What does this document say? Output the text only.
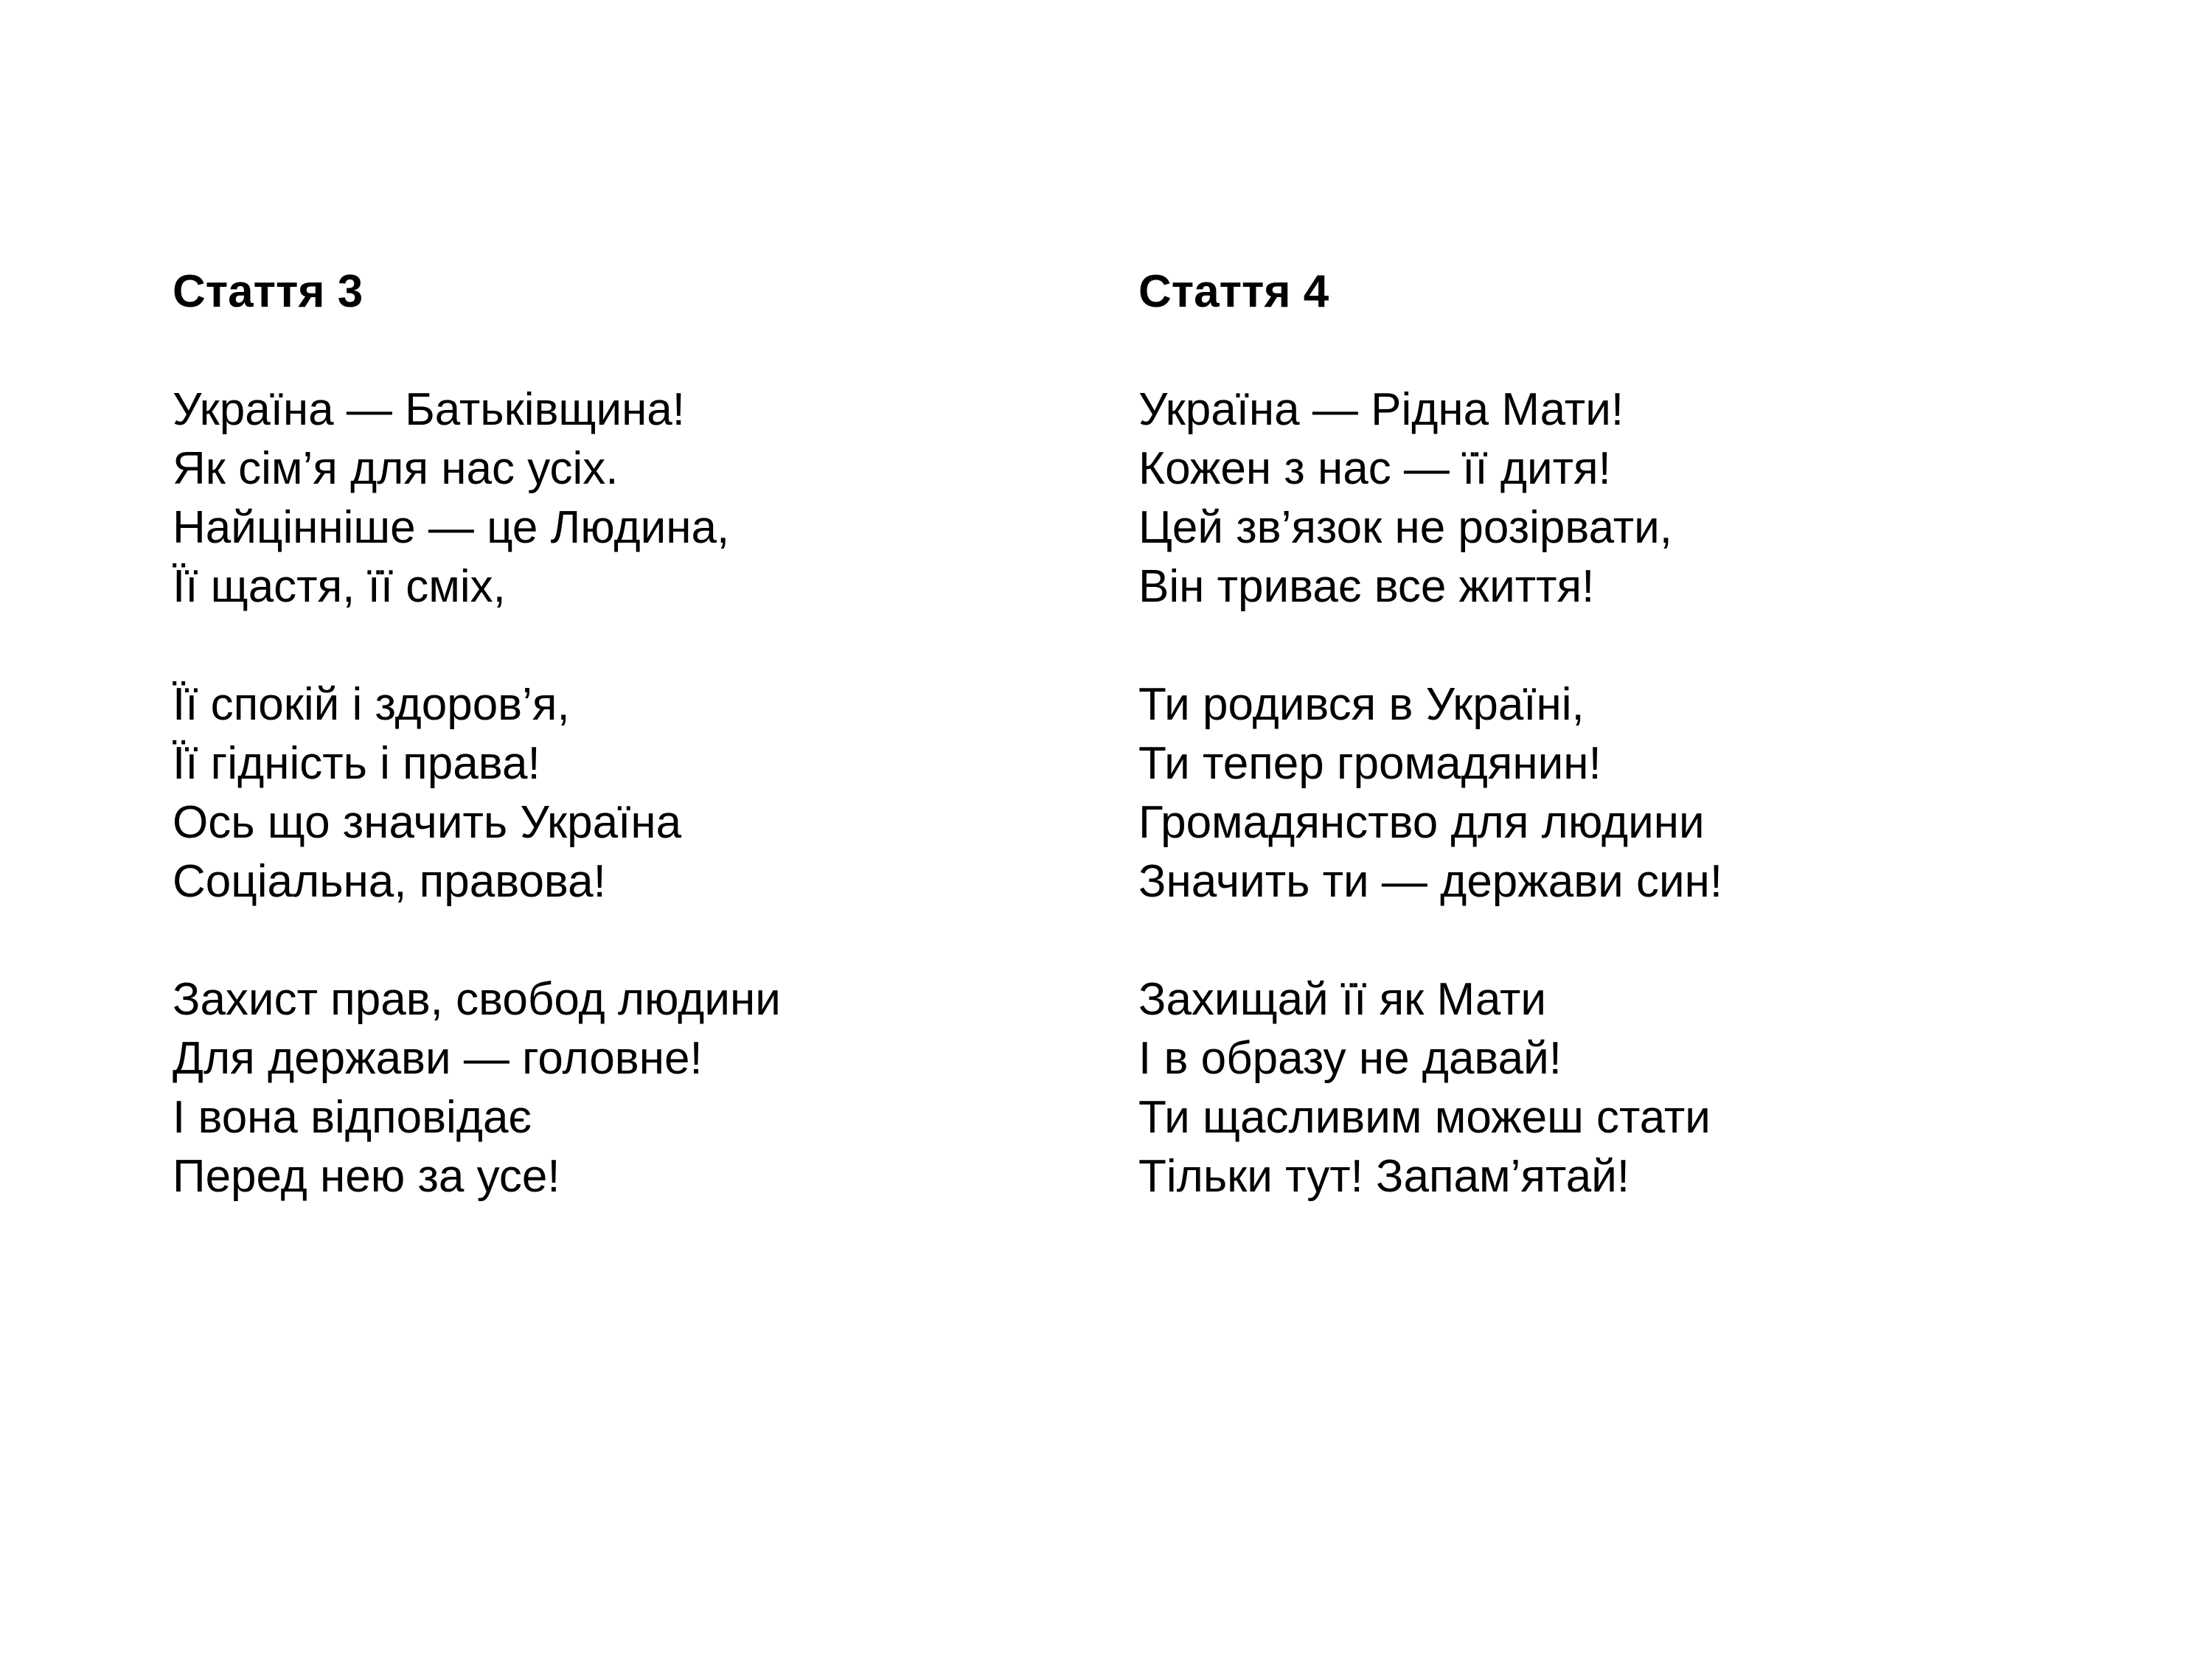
Стаття 3
Україна — Батьківщина!
Як сім’я для нас усіх.
Найцінніше — це Людина,
Її щастя, її сміх,
Її спокій і здоров’я,
Її гідність і права!
Ось що значить Україна
Соціальна, правова!
Захист прав, свобод людини
Для держави — головне!
І вона відповідає
Перед нею за усе!
Стаття 4
Україна — Рідна Мати!
Кожен з нас — її дитя!
Цей зв’язок не розірвати,
Він триває все життя!
Ти родився в Україні,
Ти тепер громадянин!
Громадянство для людини
Значить ти — держави син!
Захищай її як Мати
І в образу не давай!
Ти щасливим можеш стати
Тільки тут! Запам’ятай!
